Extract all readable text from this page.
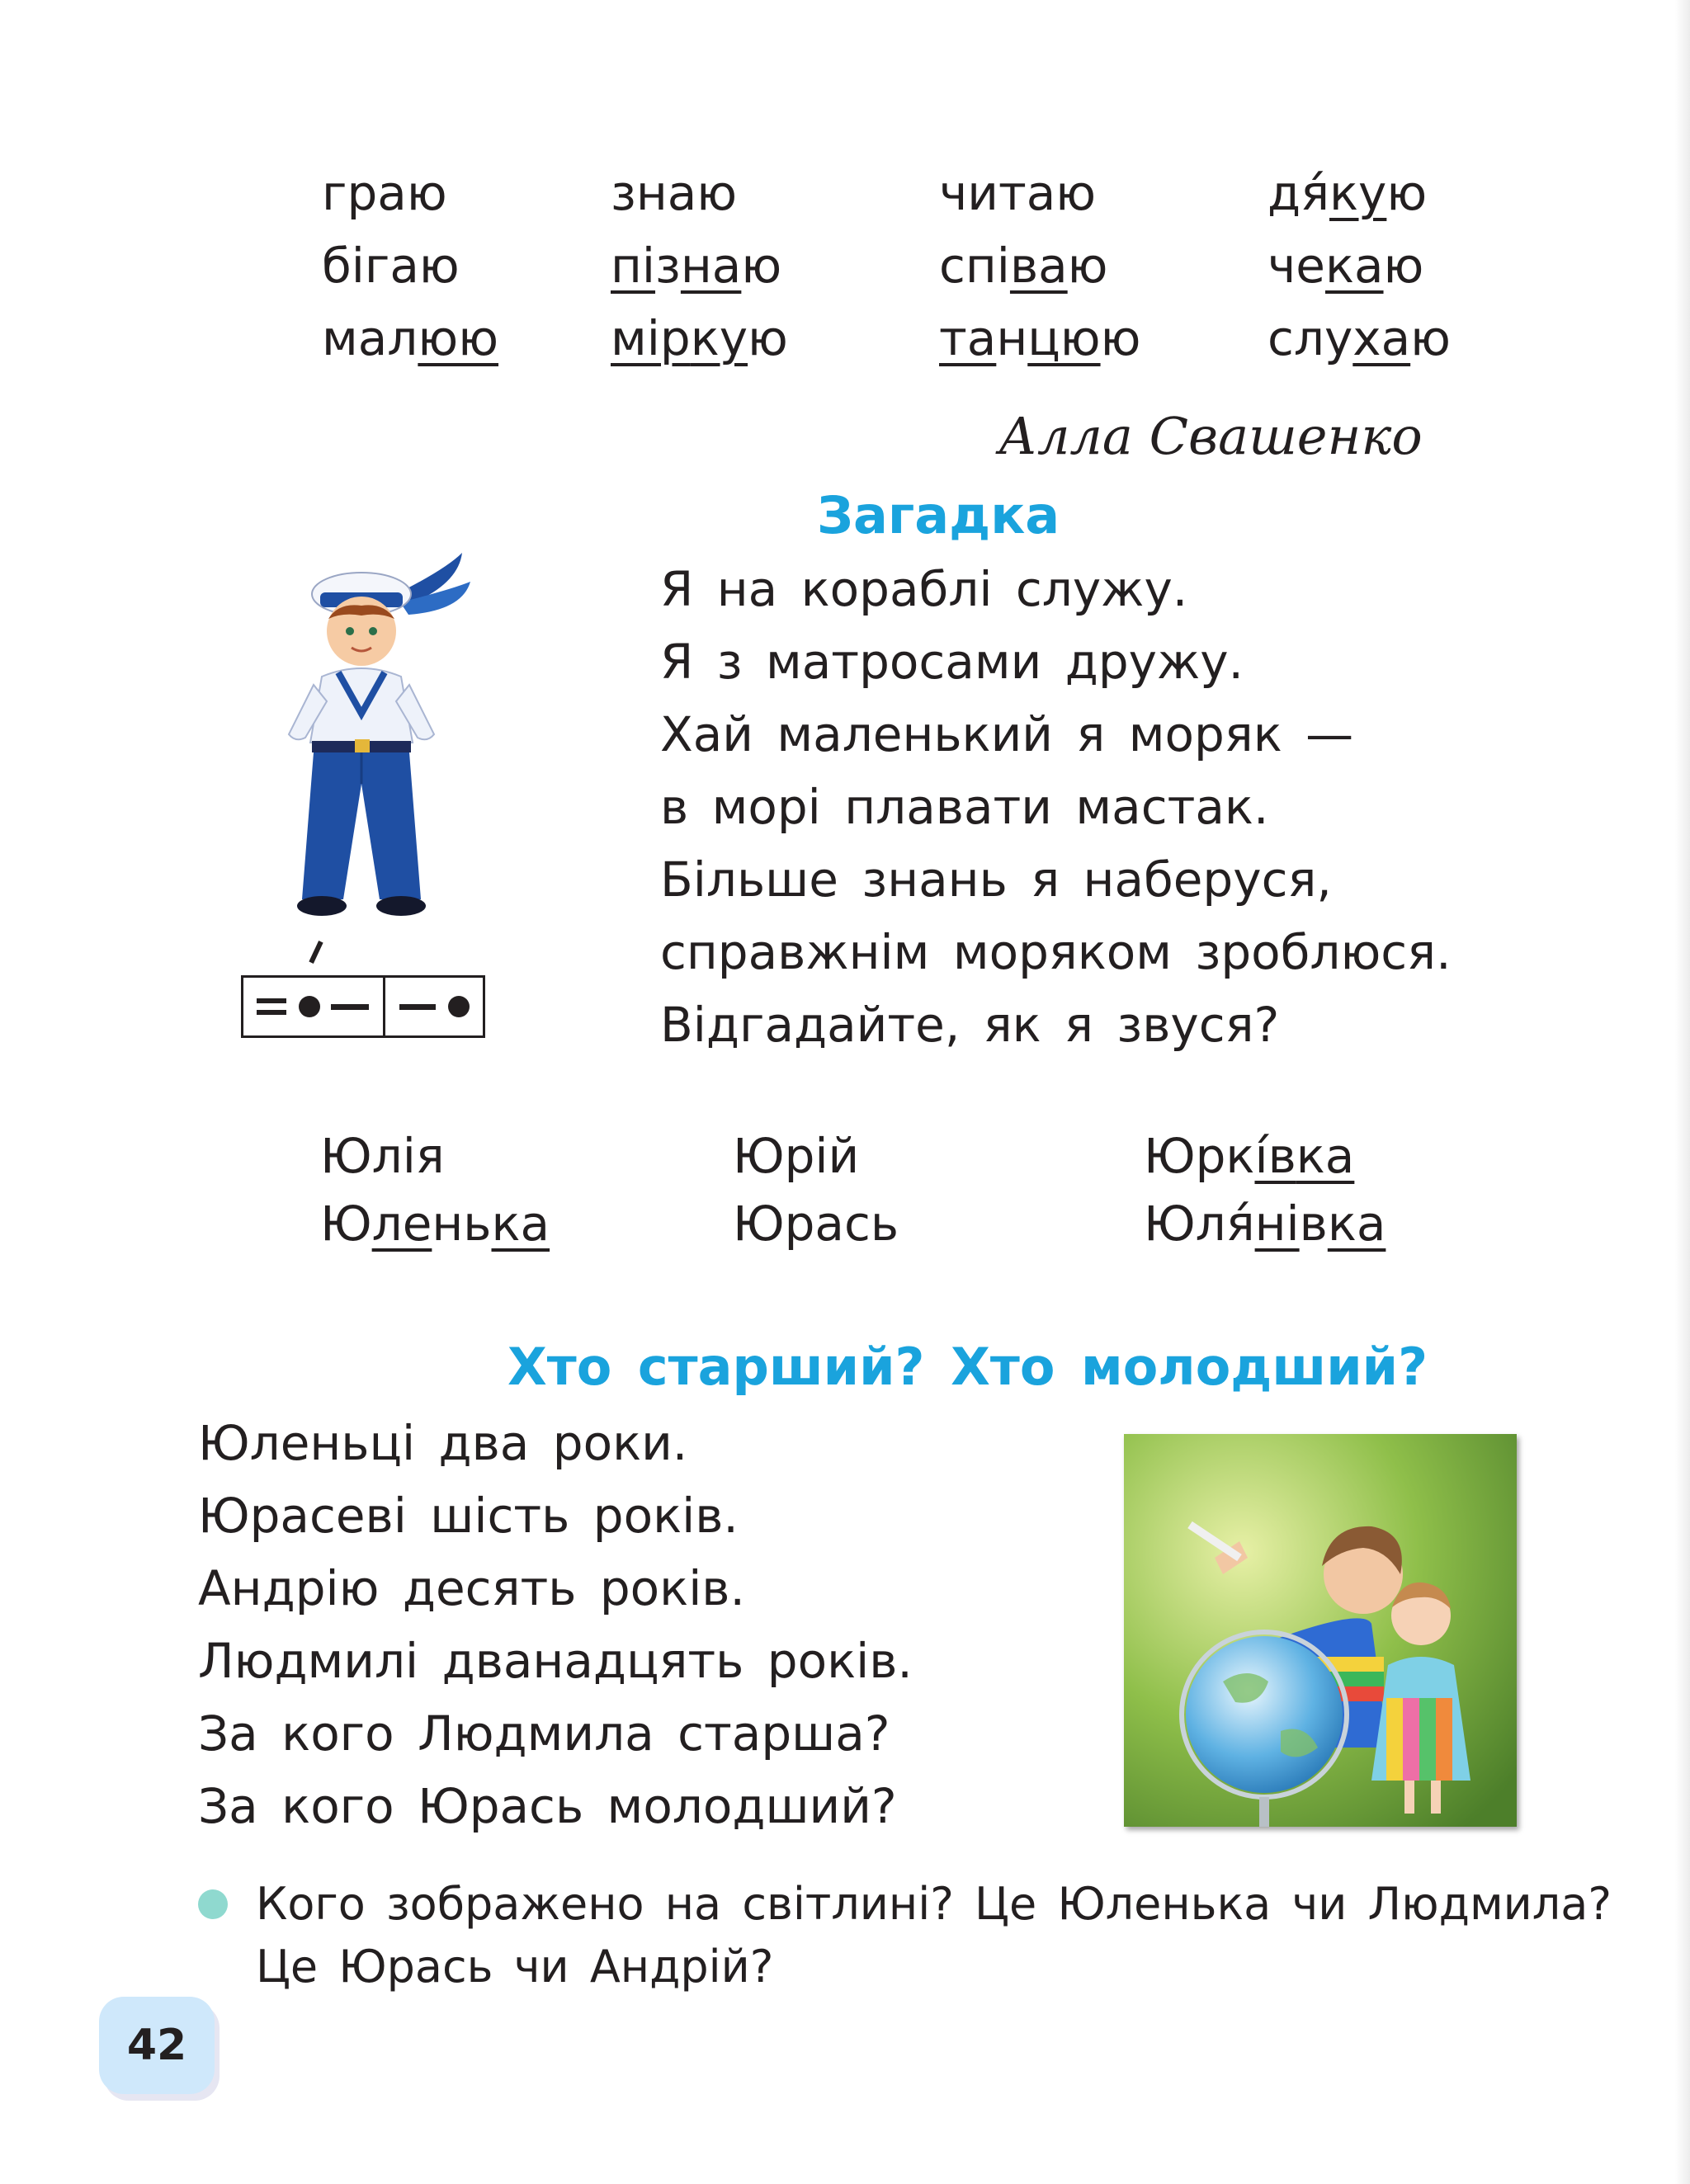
граю
бігаю
малюю
знаю
пізнаю
міркую
читаю
співаю
танцюю
дя́кую
чекаю
слухаю
Алла Свашенко
Загадка
Я на кораблі служу.
Я з матросами дружу.
Хай маленький я моряк —
в морі плавати мастак.
Більше знань я наберуся,
справжнім моряком зроблюся.
Відгадайте, як я звуся?
Юлія
Юленька
Юрій
Юрась
Юркі́вка
Юля́нівка
Хто старший? Хто молодший?
Юленьці два роки.
Юрасеві шість років.
Андрію десять років.
Людмилі дванадцять років.
За кого Людмила старша?
За кого Юрась молодший?
Кого зображено на світлині? Це Юленька чи Людмила? Це Юрась чи Андрій?
42
